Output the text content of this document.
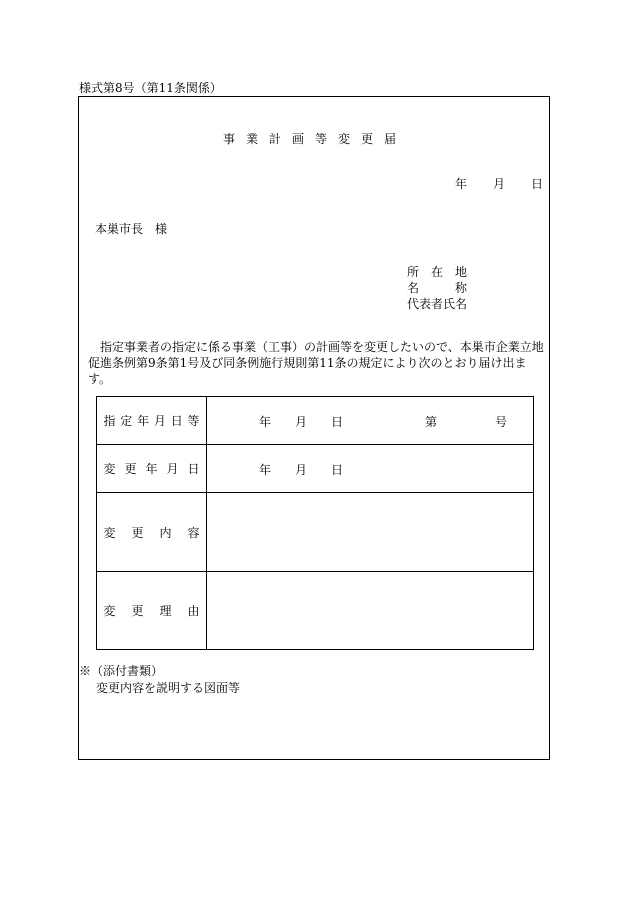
様式第8号（第11条関係）
事業計画等変更届
年 月 日
本巣市長　様
所　在　地
名　　　称
代表者氏名
指定事業者の指定に係る事業（工事）の計画等を変更したいので、本巣市企業立地促進条例第9条第1号及び同条例施行規則第11条の規定により次のとおり届け出ます。
指定年月日等	年 月 日 第 号

変更年月日	年 月 日

変更内容	

変更理由	

※（添付書類）
変更内容を説明する図面等
